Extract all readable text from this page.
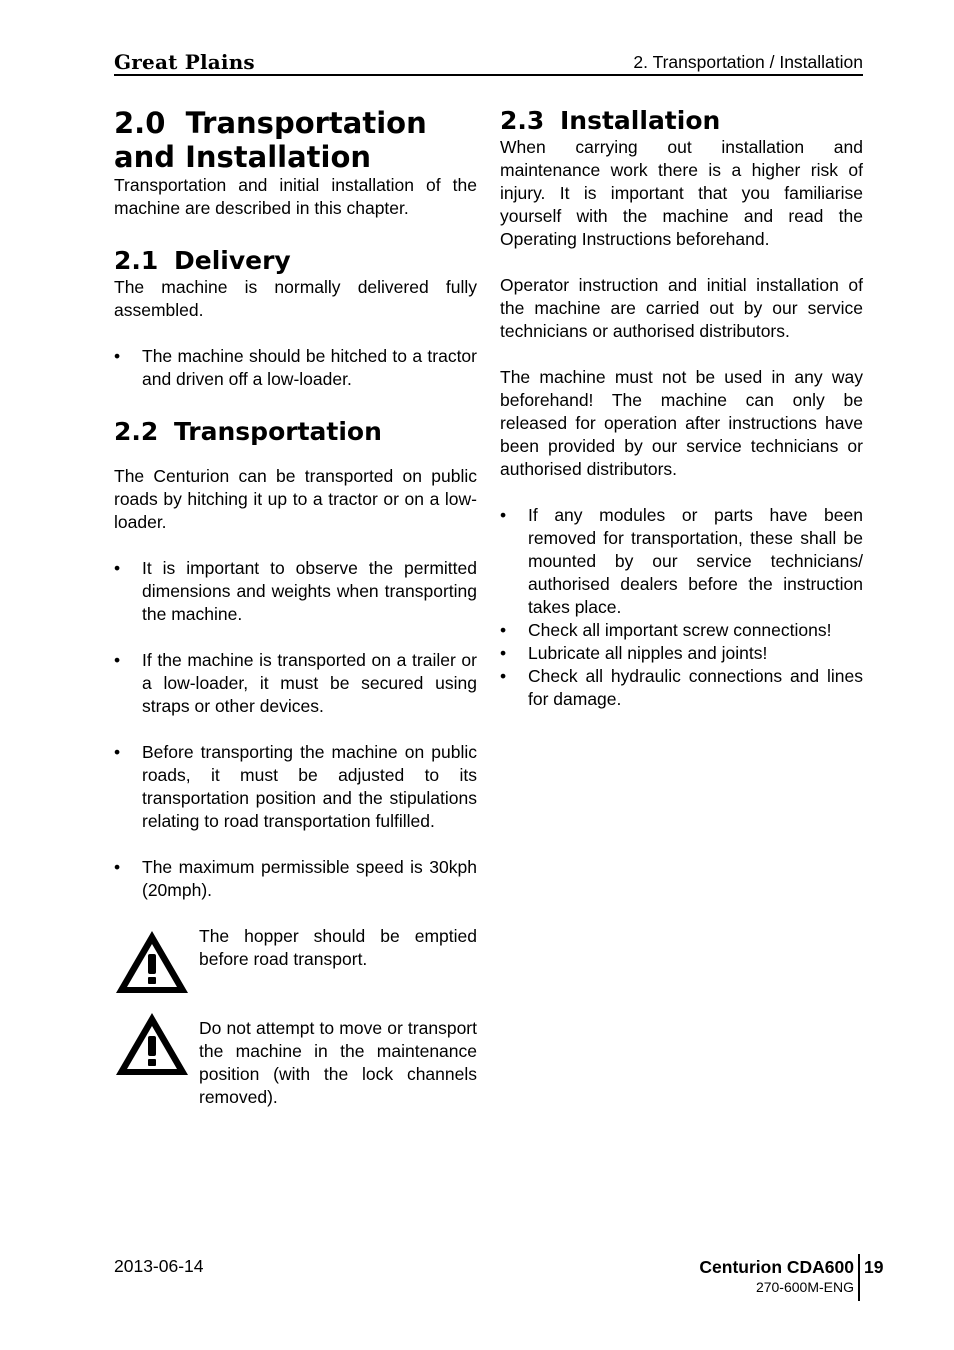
Great Plains	2. Transportation / Installation
2.0  Transportation
and Installation

Transportation and initial installation of the machine are described in this chapter.

2.1 Delivery

The machine is normally delivered fully assembled.

• The machine should be hitched to a tractor and driven off a low-loader.
2.2 Transportation

The Centurion can be transported on public roads by hitching it up to a tractor or on a low-loader.

• It is important to observe the permitted dimensions and weights when transporting the machine.
• If the machine is transported on a trailer or a low-loader, it must be secured using straps or other devices.
• Before transporting the machine on public roads, it must be adjusted to its transportation position and the stipulations relating to road transportation fulfilled.
• The maximum permissible speed is 30kph (20mph).

The hopper should be emptied before road transport.

Do not attempt to move or transport the machine in the maintenance position (with the lock channels removed).

2.3 Installation

When carrying out installation and maintenance work there is a higher risk of injury. It is important that you familiarise yourself with the machine and read the Operating Instructions beforehand.

Operator instruction and initial installation of the machine are carried out by our service technicians or authorised distributors.

The machine must not be used in any way beforehand! The machine can only be released for operation after instructions have been provided by our service technicians or authorised distributors.

• If any modules or parts have been removed for transportation, these shall be mounted by our service technicians/ authorised dealers before the instruction takes place.
• Check all important screw connections!
• Lubricate all nipples and joints!
• Check all hydraulic connections and lines for damage.
2013-06-14	Centurion CDA600
270-600M-ENG
19
